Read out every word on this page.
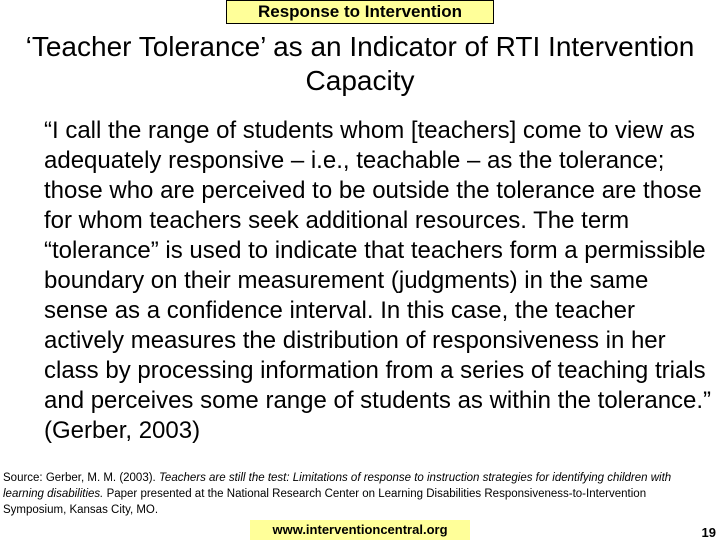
Response to Intervention
‘Teacher Tolerance’ as an Indicator of RTI Intervention Capacity

“I call the range of students whom [teachers] come to view as adequately responsive – i.e., teachable – as the tolerance; those who are perceived to be outside the tolerance are those for whom teachers seek additional resources. The term “tolerance” is used to indicate that teachers form a permissible boundary on their measurement (judgments) in the same sense as a confidence interval. In this case, the teacher actively measures the distribution of responsiveness in her class by processing information from a series of teaching trials and perceives some range of students as within the tolerance.” (Gerber, 2003)

Source: Gerber, M. M. (2003). Teachers are still the test: Limitations of response to instruction strategies for identifying children with learning disabilities. Paper presented at the National Research Center on Learning Disabilities Responsiveness-to-Intervention Symposium, Kansas City, MO.

www.interventioncentral.org	19
